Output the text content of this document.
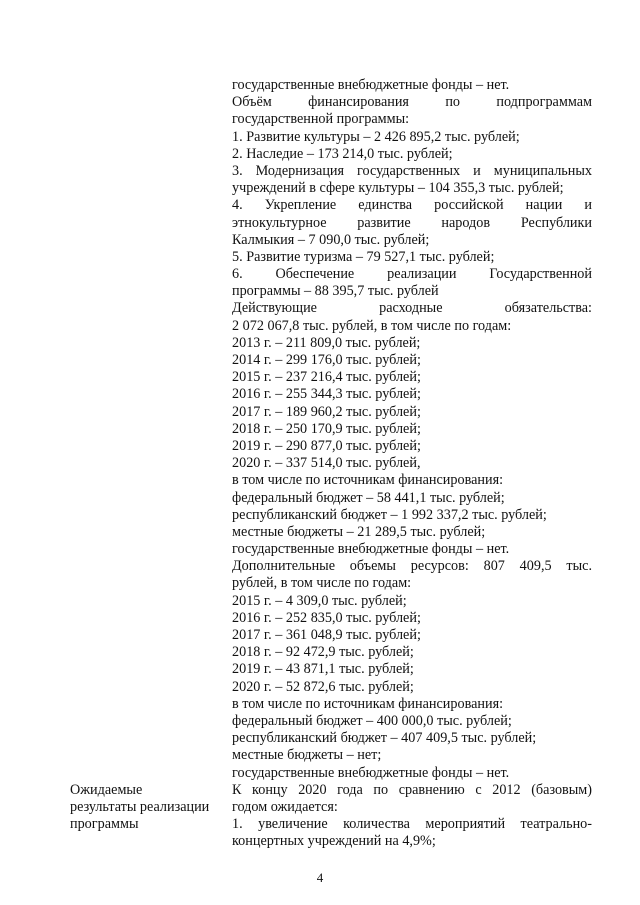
государственные внебюджетные фонды – нет.
Объём финансирования по подпрограммам
государственной программы:
1. Развитие культуры – 2 426 895,2 тыс. рублей;
2. Наследие – 173 214,0 тыс. рублей;
3. Модернизация государственных и муниципальных
учреждений в сфере культуры – 104 355,3 тыс. рублей;
4. Укрепление единства российской нации и
этнокультурное развитие народов Республики
Калмыкия – 7 090,0 тыс. рублей;
5. Развитие туризма – 79 527,1 тыс. рублей;
6. Обеспечение реализации Государственной
программы – 88 395,7 тыс. рублей
Действующие расходные обязательства:
2 072 067,8 тыс. рублей, в том числе по годам:
2013 г. – 211 809,0 тыс. рублей;
2014 г. – 299 176,0 тыс. рублей;
2015 г. – 237 216,4 тыс. рублей;
2016 г. – 255 344,3 тыс. рублей;
2017 г. – 189 960,2 тыс. рублей;
2018 г. – 250 170,9 тыс. рублей;
2019 г. – 290 877,0 тыс. рублей;
2020 г. – 337 514,0 тыс. рублей,
в том числе по источникам финансирования:
федеральный бюджет – 58 441,1 тыс. рублей;
республиканский бюджет – 1 992 337,2 тыс. рублей;
местные бюджеты – 21 289,5 тыс. рублей;
государственные внебюджетные фонды – нет.
Дополнительные объемы ресурсов: 807 409,5 тыс.
рублей, в том числе по годам:
2015 г. – 4 309,0 тыс. рублей;
2016 г. – 252 835,0 тыс. рублей;
2017 г. – 361 048,9 тыс. рублей;
2018 г. – 92 472,9 тыс. рублей;
2019 г. – 43 871,1 тыс. рублей;
2020 г. – 52 872,6 тыс. рублей;
в том числе по источникам финансирования:
федеральный бюджет – 400 000,0 тыс. рублей;
республиканский бюджет – 407 409,5 тыс. рублей;
местные бюджеты – нет;
государственные внебюджетные фонды – нет.
К концу 2020 года по сравнению с 2012 (базовым)
годом ожидается:
1. увеличение количества мероприятий театрально-
концертных учреждений на 4,9%;
Ожидаемые
результаты реализации
программы
4
